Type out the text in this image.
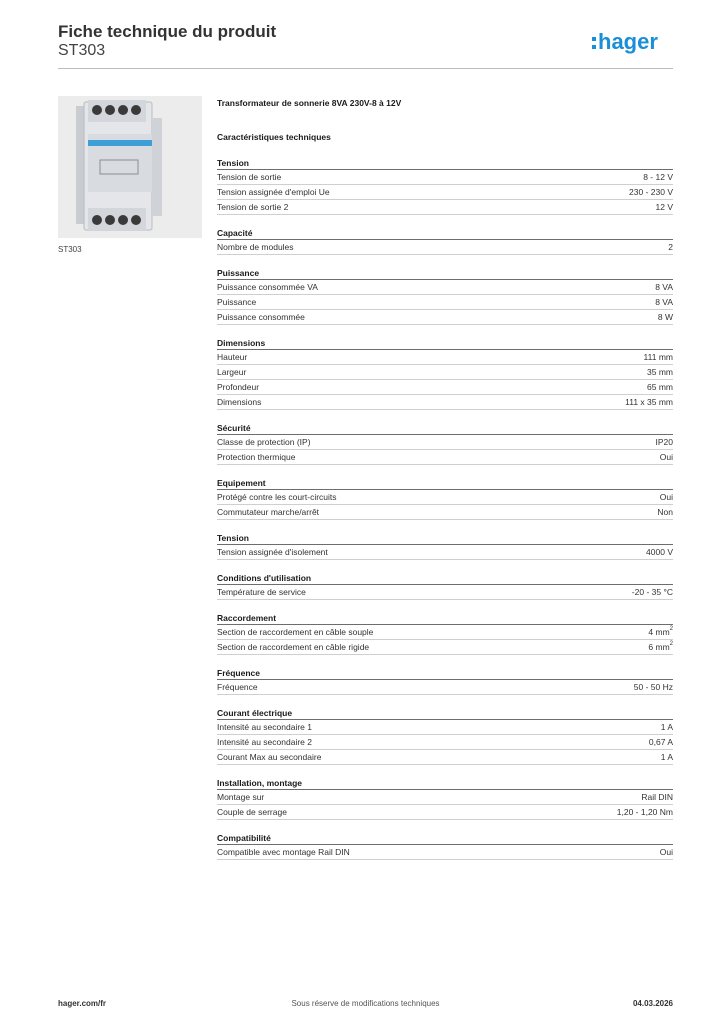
Fiche technique du produit
ST303	hager
ST303
Transformateur de sonnerie 8VA 230V-8 à 12V
Caractéristiques techniques
Tension
Tension de sortie	8 - 12 V
Tension assignée d'emploi Ue	230 - 230 V
Tension de sortie 2	12 V
Capacité
Nombre de modules	2
Puissance
Puissance consommée VA	8 VA
Puissance	8 VA
Puissance consommée	8 W
Dimensions
Hauteur	111 mm
Largeur	35 mm
Profondeur	65 mm
Dimensions	111 x 35 mm
Sécurité
Classe de protection (IP)	IP20
Protection thermique	Oui
Equipement
Protégé contre les court-circuits	Oui
Commutateur marche/arrêt	Non
Tension
Tension assignée d'isolement	4000 V
Conditions d'utilisation
Température de service	-20 - 35 °C
Raccordement
Section de raccordement en câble souple	4 $mm^2$
Section de raccordement en câble rigide	6 $mm^2$
Fréquence
Fréquence	50 - 50 Hz
Courant électrique
Intensité au secondaire 1	1 A
Intensité au secondaire 2	0,67 A
Courant Max au secondaire	1 A
Installation, montage
Montage sur	Rail DIN
Couple de serrage	1,20 - 1,20 Nm
Compatibilité
Compatible avec montage Rail DIN	Oui
hager.com/fr	Sous réserve de modifications techniques	04.03.2026
